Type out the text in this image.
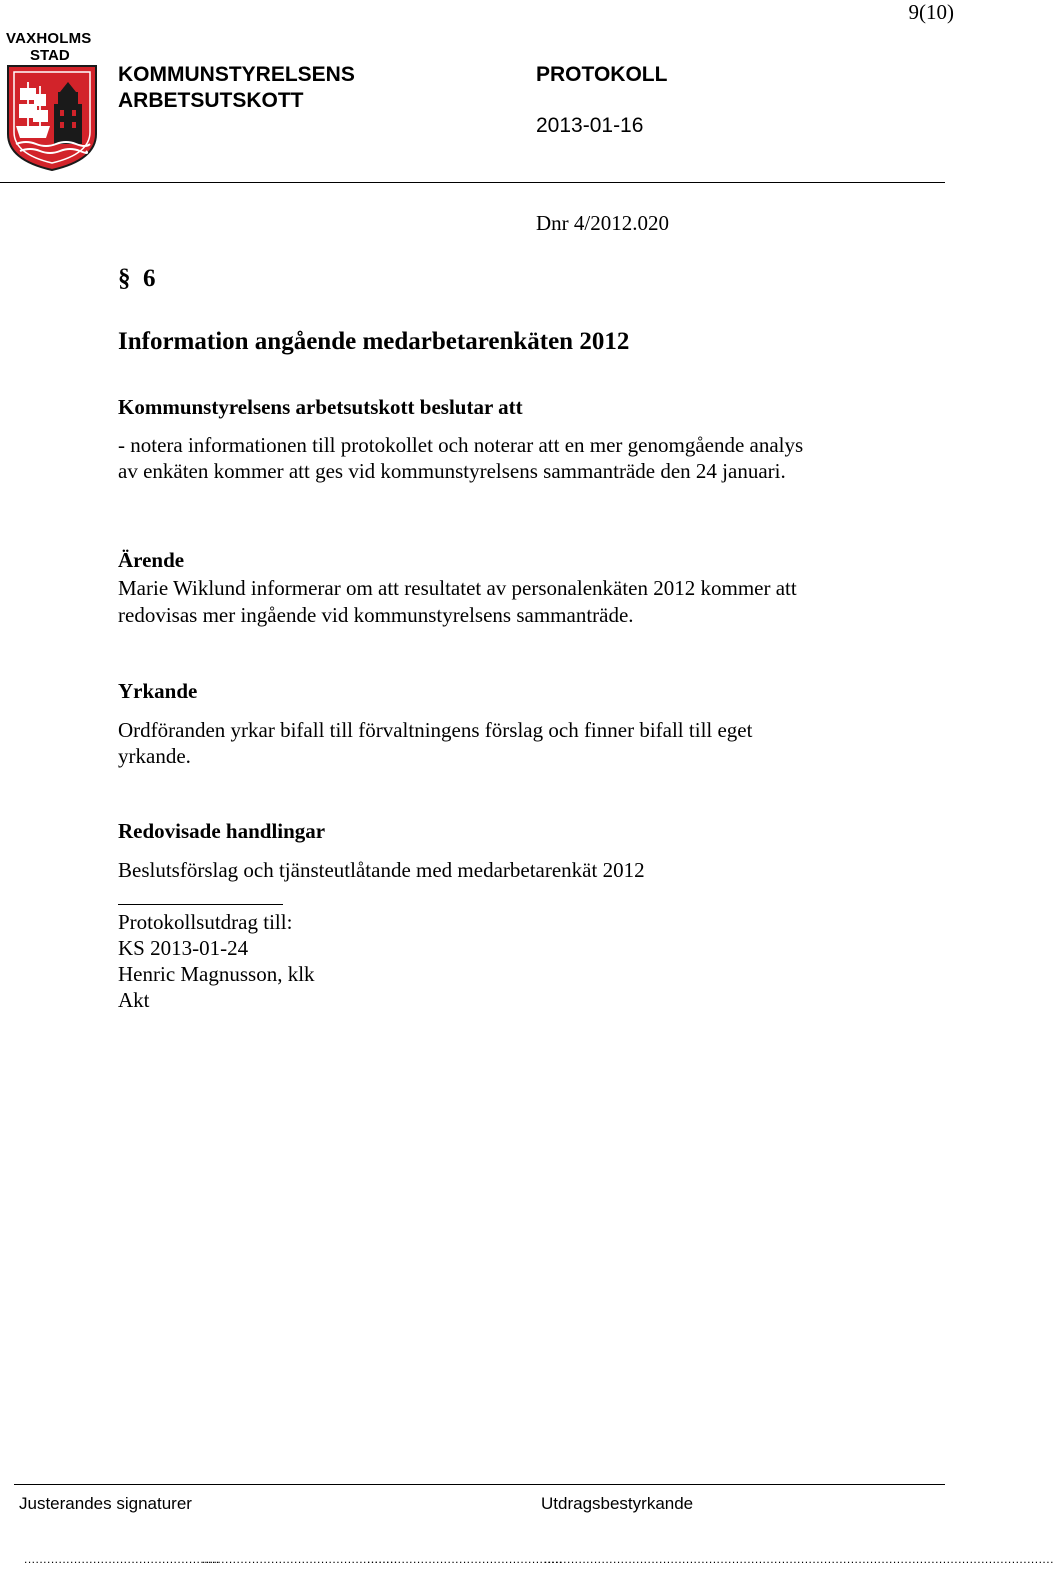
9(10)
VAXHOLMS
STAD
KOMMUNSTYRELSENS
ARBETSUTSKOTT
PROTOKOLL
2013-01-16
Dnr 4/2012.020
§  6
Information angående medarbetarenkäten 2012
Kommunstyrelsens arbetsutskott beslutar att
- notera informationen till protokollet och noterar att en mer genomgående analys
av enkäten kommer att ges vid kommunstyrelsens sammanträde den 24 januari.
Ärende
Marie Wiklund informerar om att resultatet av personalenkäten 2012 kommer att
redovisas mer ingående vid kommunstyrelsens sammanträde.
Yrkande
Ordföranden yrkar bifall till förvaltningens förslag och finner bifall till eget
yrkande.
Redovisade handlingar
Beslutsförslag och tjänsteutlåtande med medarbetarenkät 2012
Protokollsutdrag till:
KS 2013-01-24
Henric Magnusson, klk
Akt
Justerandes signaturer	Utdragsbestyrkande
...................................................
...................................................
...................................................
.....................................................................................................................................
